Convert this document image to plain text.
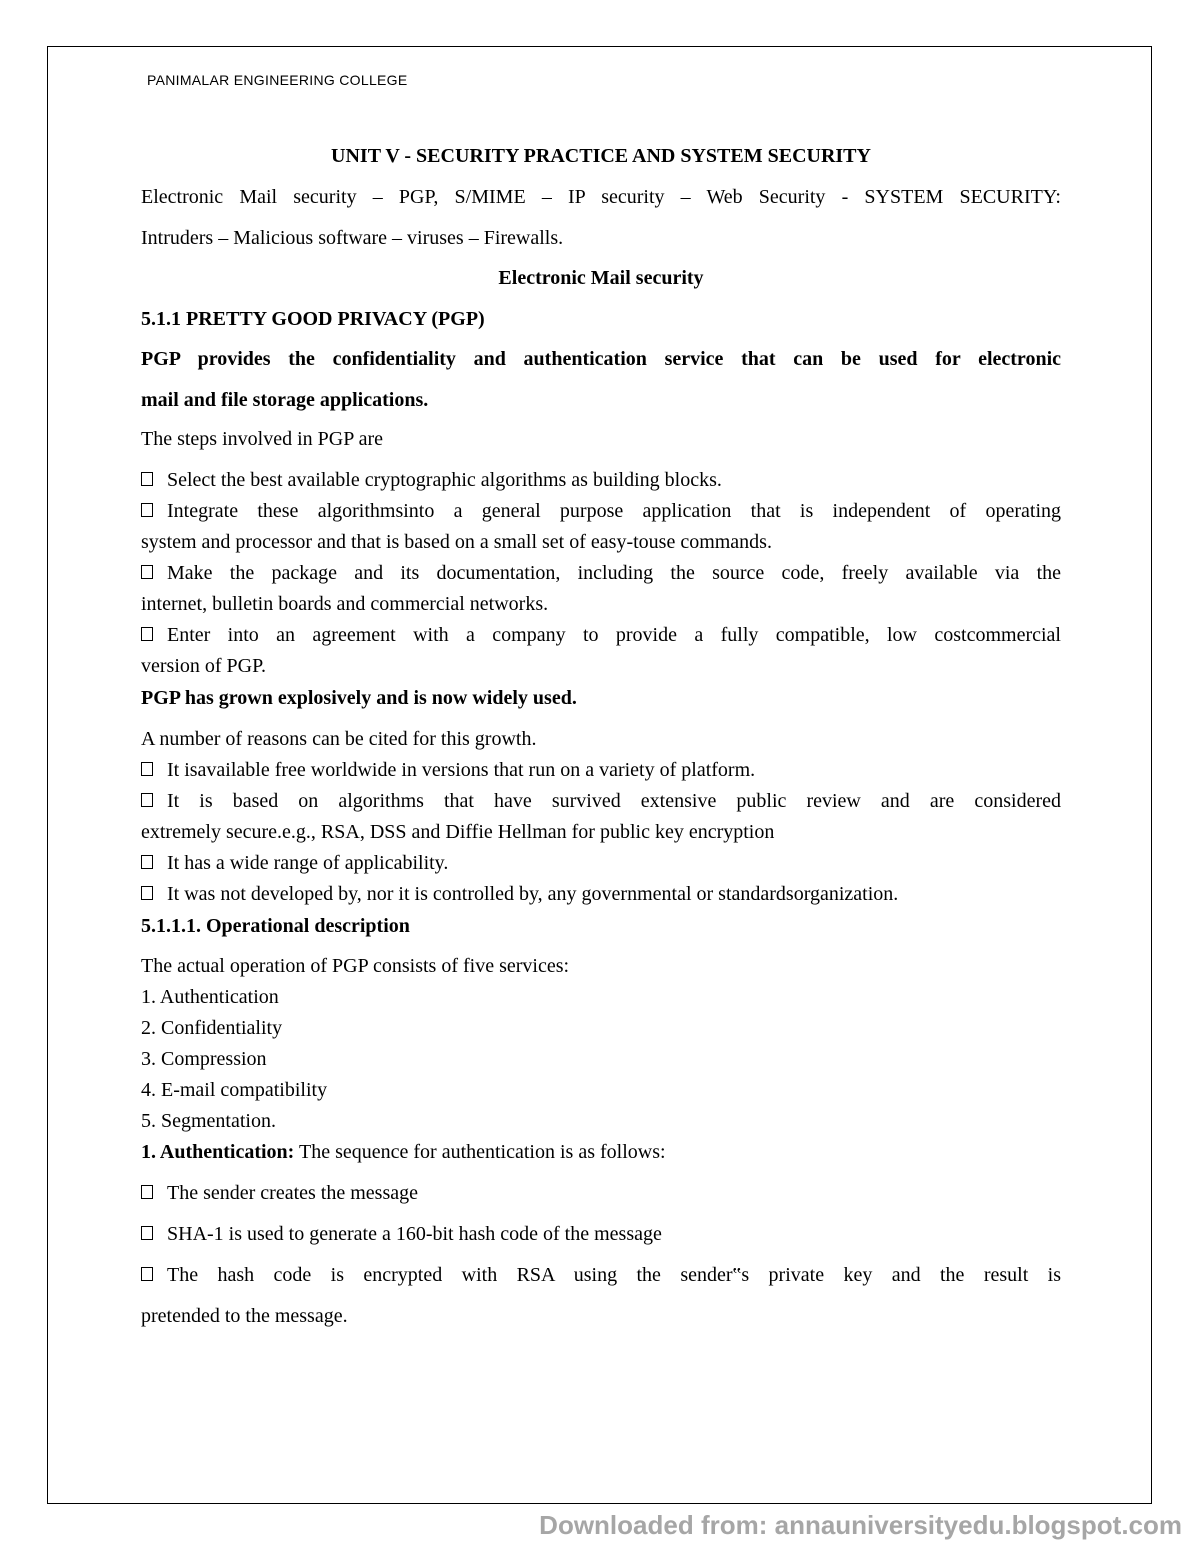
PANIMALAR ENGINEERING COLLEGE
UNIT V - SECURITY PRACTICE AND SYSTEM SECURITY
Electronic Mail security – PGP, S/MIME – IP security – Web Security - SYSTEM SECURITY:
Intruders – Malicious software – viruses – Firewalls.
Electronic Mail security
5.1.1 PRETTY GOOD PRIVACY (PGP)
PGP provides the confidentiality and authentication service that can be used for electronic
mail and file storage applications.
The steps involved in PGP are
Select the best available cryptographic algorithms as building blocks.
Integrate these algorithmsinto a general purpose application that is independent of operating
system and processor and that is based on a small set of easy-touse commands.
Make the package and its documentation, including the source code, freely available via the
internet, bulletin boards and commercial networks.
Enter into an agreement with a company to provide a fully compatible, low costcommercial
version of PGP.
PGP has grown explosively and is now widely used.
A number of reasons can be cited for this growth.
It isavailable free worldwide in versions that run on a variety of platform.
It is based on algorithms that have survived extensive public review and are considered
extremely secure.e.g., RSA, DSS and Diffie Hellman for public key encryption
It has a wide range of applicability.
It was not developed by, nor it is controlled by, any governmental or standardsorganization.
5.1.1.1. Operational description
The actual operation of PGP consists of five services:
1. Authentication
2. Confidentiality
3. Compression
4. E-mail compatibility
5. Segmentation.
1. Authentication: The sequence for authentication is as follows:
The sender creates the message
SHA-1 is used to generate a 160-bit hash code of the message
The hash code is encrypted with RSA using the sender‟s private key and the result is
pretended to the message.
Downloaded from: annauniversityedu.blogspot.com
